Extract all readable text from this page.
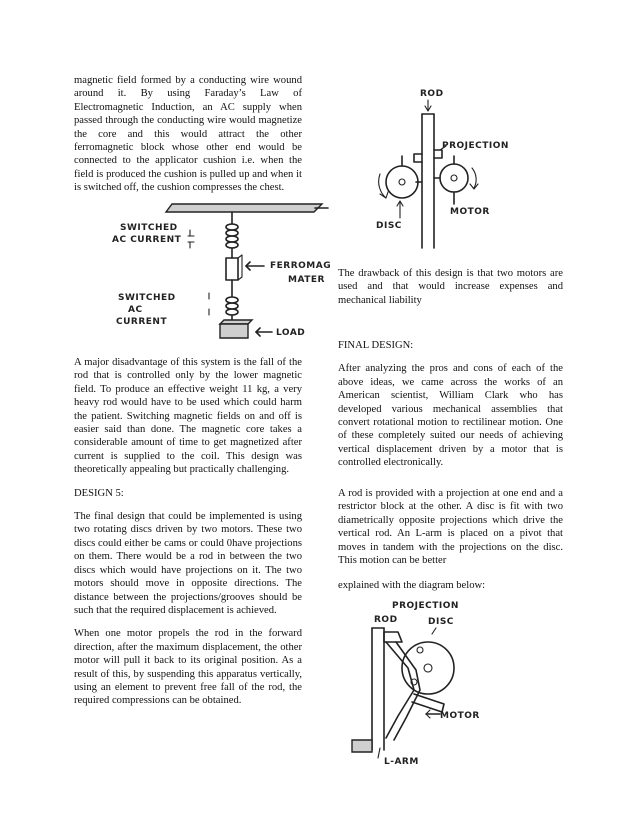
magnetic field formed by a conducting wire wound around it. By using Faraday’s Law of Electromagnetic Induction, an AC supply when passed through the conducting wire would magnetize the core and this would attract the other ferromagnetic block whose other end would be connected to the applicator cushion i.e. when the field is produced the cushion is pulled up and when it is switched off, the cushion compresses the chest.

A major disadvantage of this system is the fall of the rod that is controlled only by the lower magnetic field. To produce an effective weight 11 kg, a very heavy rod would have to be used which could harm the patient. Switching magnetic fields on and off is easier said than done. The magnetic core takes a considerable amount of time to get magnetized after current is supplied to the coil. This design was theoretically appealing but practically challenging.

DESIGN 5:

The final design that could be implemented is using two rotating discs driven by two motors. These two discs could either be cams or could 0have projections on them. There would be a rod in between the two discs which would have projections on it. The two motors should move in opposite directions. The distance between the projections/grooves should be such that the required displacement is achieved.

When one motor propels the rod in the forward direction, after the maximum displacement, the other motor will pull it back to its original position. As a result of this, by suspending this apparatus vertically, using an element to prevent free fall of the rod, the required compressions can be obtained.

SWITCHED
AC CURRENT
FERROMAG
MATER
SWITCHED
AC
CURRENT
LOAD
ROD
PROJECTION
MOTOR
DISC

The drawback of this design is that two motors are used and that would increase expenses and mechanical liability

FINAL DESIGN:

After analyzing the pros and cons of each of the above ideas, we came across the works of an American scientist, William Clark who has developed various mechanical assemblies that convert rotational motion to rectilinear motion. One of these completely suited our needs of achieving vertical displacement driven by a motor that is controlled electronically.

A rod is provided with a projection at one end and a restrictor block at the other. A disc is fit with two diametrically opposite projections which drive the vertical rod. An L-arm is placed on a pivot that moves in tandem with the projections on the disc. This motion can be better

explained with the diagram below:

PROJECTION
ROD	DISC
MOTOR
L-ARM
